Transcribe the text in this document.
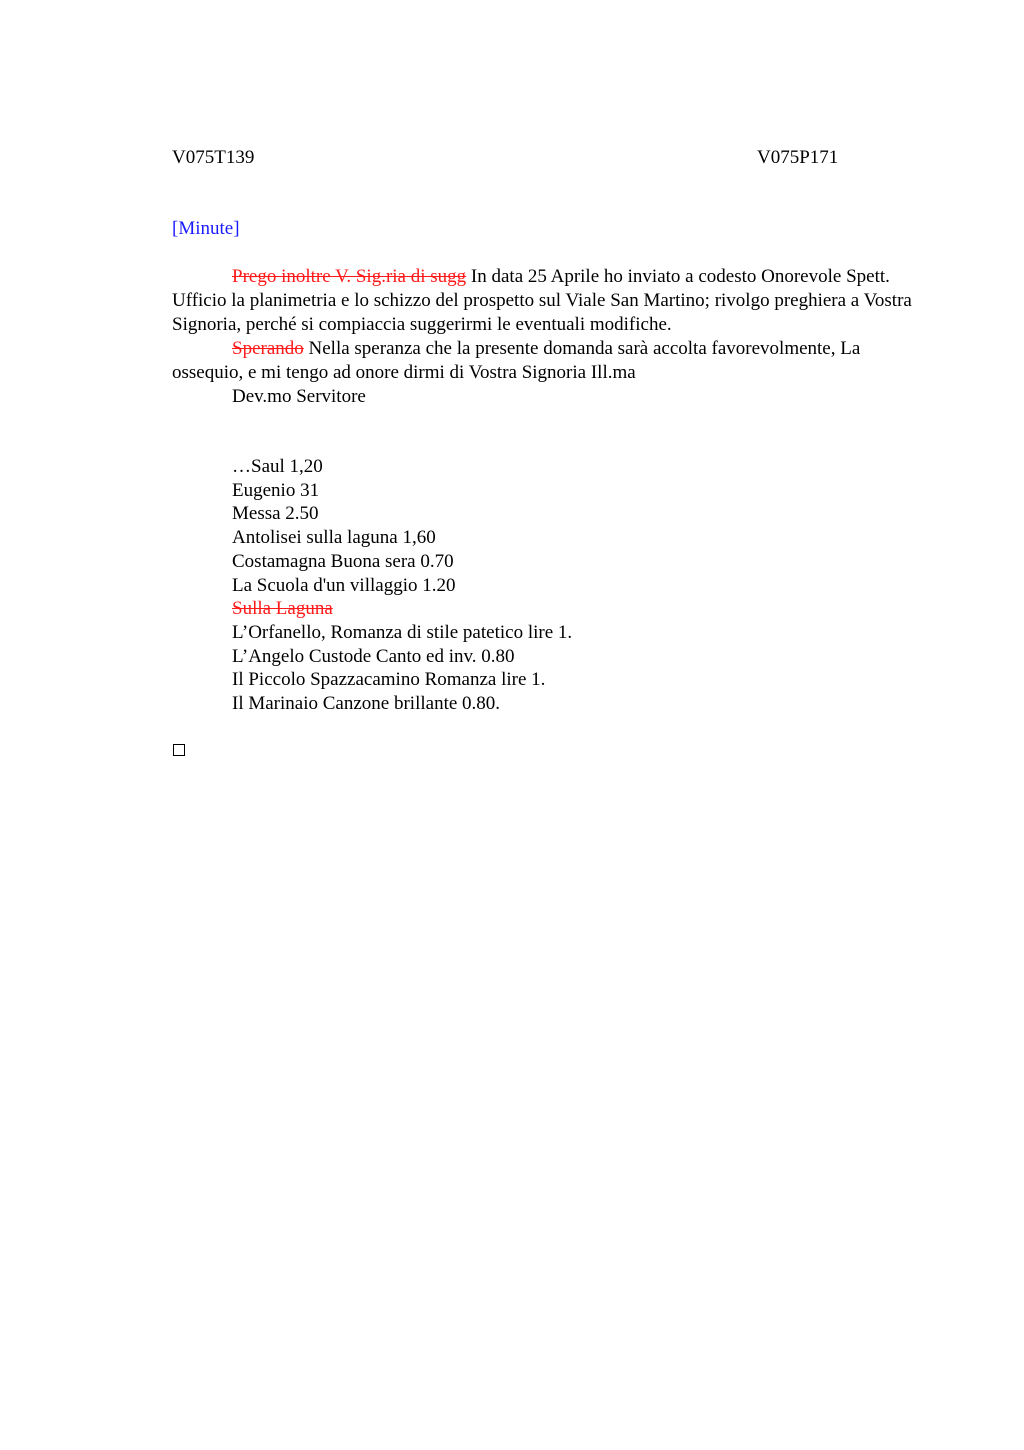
V075T139	V075P171
[Minute]

Prego inoltre V. Sig.ria di sugg In data 25 Aprile ho inviato a codesto Onorevole Spett. Ufficio la planimetria e lo schizzo del prospetto sul Viale San Martino; rivolgo preghiera a Vostra Signoria, perché si compiaccia suggerirmi le eventuali modifiche.

Sperando Nella speranza che la presente domanda sarà accolta favorevolmente, La ossequio, e mi tengo ad onore dirmi di Vostra Signoria Ill.ma

Dev.mo Servitore

…Saul 1,20
Eugenio 31
Messa 2.50
Antolisei sulla laguna 1,60
Costamagna Buona sera 0.70
La Scuola d'un villaggio 1.20
Sulla Laguna
L’Orfanello, Romanza di stile patetico lire 1.
L’Angelo Custode Canto ed inv. 0.80
Il Piccolo Spazzacamino Romanza lire 1.
Il Marinaio Canzone brillante 0.80.
